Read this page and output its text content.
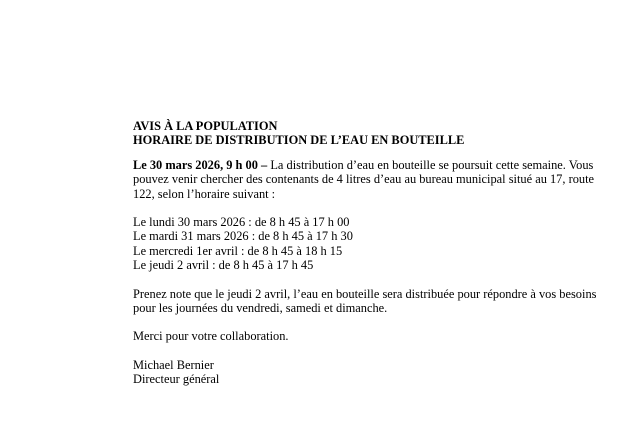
AVIS À LA POPULATION
HORAIRE DE DISTRIBUTION DE L’EAU EN BOUTEILLE

Le 30 mars 2026, 9 h 00 – La distribution d’eau en bouteille se poursuit cette semaine. Vous pouvez venir chercher des contenants de 4 litres d’eau au bureau municipal situé au 17, route 122, selon l’horaire suivant :

Le lundi 30 mars 2026 : de 8 h 45 à 17 h 00
Le mardi 31 mars 2026 : de 8 h 45 à 17 h 30
Le mercredi 1er avril : de 8 h 45 à 18 h 15
Le jeudi 2 avril : de 8 h 45 à 17 h 45

Prenez note que le jeudi 2 avril, l’eau en bouteille sera distribuée pour répondre à vos besoins pour les journées du vendredi, samedi et dimanche.

Merci pour votre collaboration.

Michael Bernier
Directeur général
